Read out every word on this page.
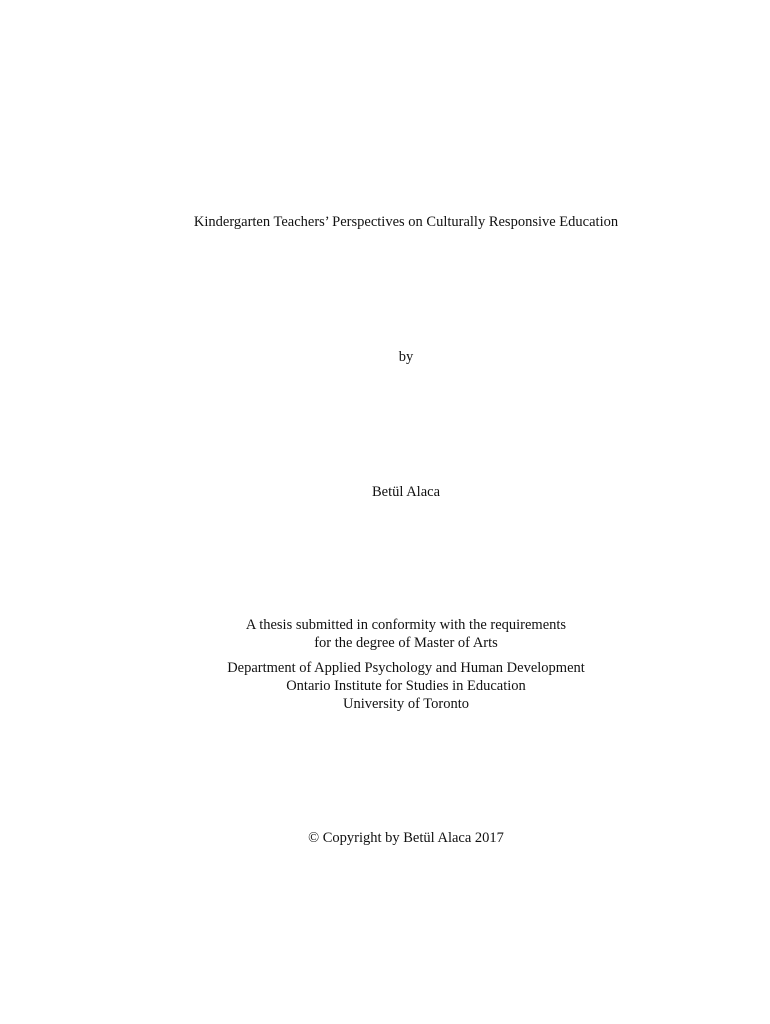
Kindergarten Teachers’ Perspectives on Culturally Responsive Education
by
Betül Alaca
A thesis submitted in conformity with the requirements
for the degree of Master of Arts
Department of Applied Psychology and Human Development
Ontario Institute for Studies in Education
University of Toronto
© Copyright by Betül Alaca 2017
